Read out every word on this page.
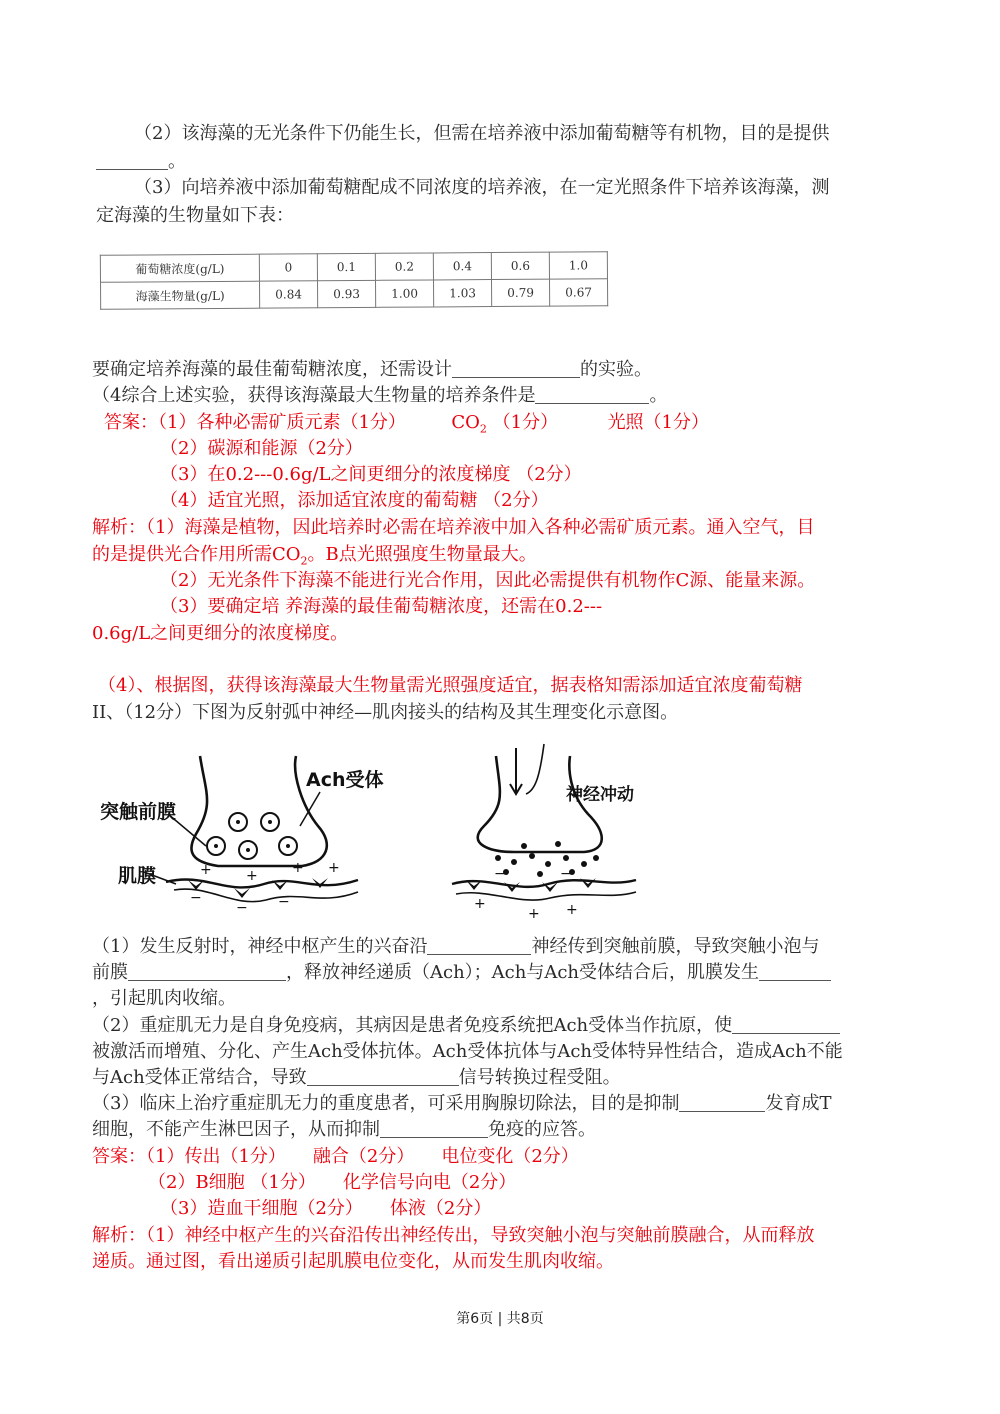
（2）该海藻的无光条件下仍能生长，但需在培养液中添加葡萄糖等有机物，目的是提供
。
（3）向培养液中添加葡萄糖配成不同浓度的培养液，在一定光照条件下培养该海藻，测
定海藻的生物量如下表：
葡萄糖浓度(g/L)	0	0.1	0.2	0.4	0.6	1.0
海藻生物量(g/L)	0.84	0.93	1.00	1.03	0.79	0.67
要确定培养海藻的最佳葡萄糖浓度，还需设计	的实验。
（4综合上述实验，获得该海藻最大生物量的培养条件是	。
答案：（1）各种必需矿质元素（1分）	$CO_2$ （1分）	光照（1分）
（2）碳源和能源（2分）
（3）在0.2---0.6g/L之间更细分的浓度梯度 （2分）
（4）适宜光照，添加适宜浓度的葡萄糖 （2分）
解析：（1）海藻是植物，因此培养时必需在培养液中加入各种必需矿质元素。通入空气，目
的是提供光合作用所需$CO_2$。B点光照强度生物量最大。
（2）无光条件下海藻不能进行光合作用，因此必需提供有机物作C源、能量来源。
（3）要确定培 养海藻的最佳葡萄糖浓度，还需在0.2---
0.6g/L之间更细分的浓度梯度。
（4）、根据图，获得该海藻最大生物量需光照强度适宜，据表格知需添加适宜浓度葡萄糖
II、（12分）下图为反射弧中神经—肌肉接头的结构及其生理变化示意图。
+ + + +
−
− −
突触前膜
Ach受体
肌膜
+
+ +
−	−
神经冲动
（1）发生反射时，神经中枢产生的兴奋沿	神经传到突触前膜，导致突触小泡与
前膜	，释放神经递质（Ach）；Ach与Ach受体结合后，肌膜发生
，引起肌肉收缩。
（2）重症肌无力是自身免疫病，其病因是患者免疫系统把Ach受体当作抗原，使
被激活而增殖、分化、产生Ach受体抗体。Ach受体抗体与Ach受体特异性结合，造成Ach不能
与Ach受体正常结合，导致	信号转换过程受阻。
（3）临床上治疗重症肌无力的重度患者，可采用胸腺切除法，目的是抑制	发育成T
细胞，不能产生淋巴因子，从而抑制	免疫的应答。
答案：（1）传出（1分）　　融合（2分）　　电位变化（2分）
（2）B细胞 （1分）　　化学信号向电（2分）
（3）造血干细胞（2分）　　体液（2分）
解析：（1）神经中枢产生的兴奋沿传出神经传出，导致突触小泡与突触前膜融合，从而释放
递质。通过图，看出递质引起肌膜电位变化，从而发生肌肉收缩。
第6页 | 共8页
